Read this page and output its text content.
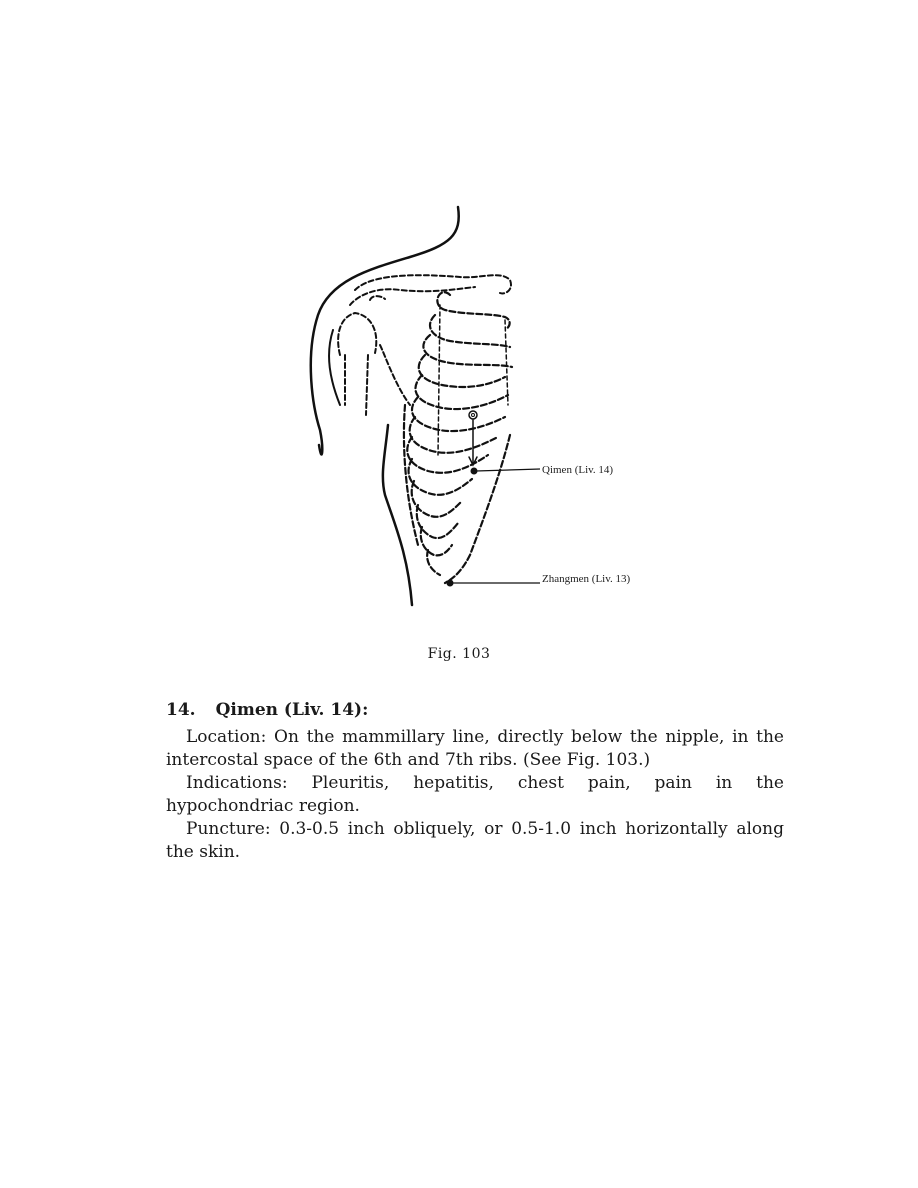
Qimen (Liv. 14)
Zhangmen (Liv. 13)
Fig. 103
14. Qimen (Liv. 14):

Location: On the mammillary line, directly below the nipple, in the intercostal space of the 6th and 7th ribs. (See Fig. 103.)

Indications: Pleuritis, hepatitis, chest pain, pain in the hypochondriac region.

Puncture: 0.3-0.5 inch obliquely, or 0.5-1.0 inch horizontally along the skin.
